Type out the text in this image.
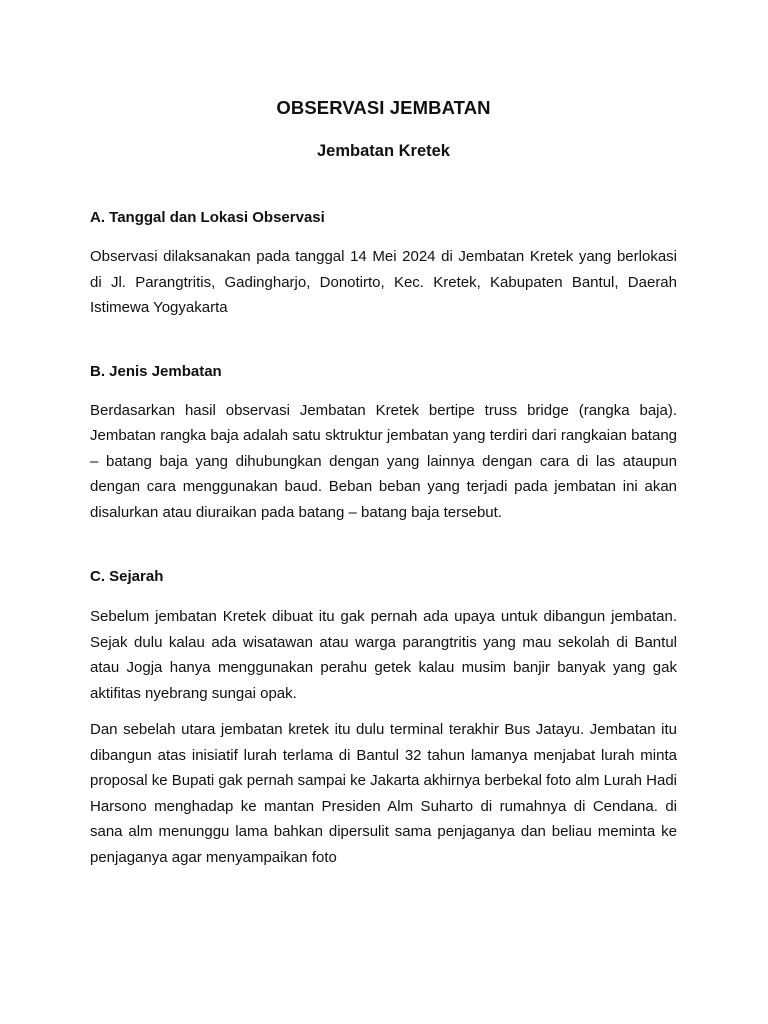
OBSERVASI JEMBATAN
Jembatan Kretek
A. Tanggal dan Lokasi Observasi

Observasi dilaksanakan pada tanggal 14 Mei 2024 di Jembatan Kretek yang berlokasi di Jl. Parangtritis, Gadingharjo, Donotirto, Kec. Kretek, Kabupaten Bantul, Daerah Istimewa Yogyakarta

B. Jenis Jembatan

Berdasarkan hasil observasi Jembatan Kretek bertipe truss bridge (rangka baja). Jembatan rangka baja adalah satu sktruktur jembatan yang terdiri dari rangkaian batang – batang baja yang dihubungkan dengan yang lainnya dengan cara di las ataupun dengan cara menggunakan baud. Beban beban yang terjadi pada jembatan ini akan disalurkan atau diuraikan pada batang – batang baja tersebut.

C. Sejarah

Sebelum jembatan Kretek dibuat itu gak pernah ada upaya untuk dibangun jembatan. Sejak dulu kalau ada wisatawan atau warga parangtritis yang mau sekolah di Bantul atau Jogja hanya menggunakan perahu getek kalau musim banjir banyak yang gak aktifitas nyebrang sungai opak.

Dan sebelah utara jembatan kretek itu dulu terminal terakhir Bus Jatayu. Jembatan itu dibangun atas inisiatif lurah terlama di Bantul 32 tahun lamanya menjabat lurah minta proposal ke Bupati gak pernah sampai ke Jakarta akhirnya berbekal foto alm Lurah Hadi Harsono menghadap ke mantan Presiden Alm Suharto di rumahnya di Cendana. di sana alm menunggu lama bahkan dipersulit sama penjaganya dan beliau meminta ke penjaganya agar menyampaikan foto
